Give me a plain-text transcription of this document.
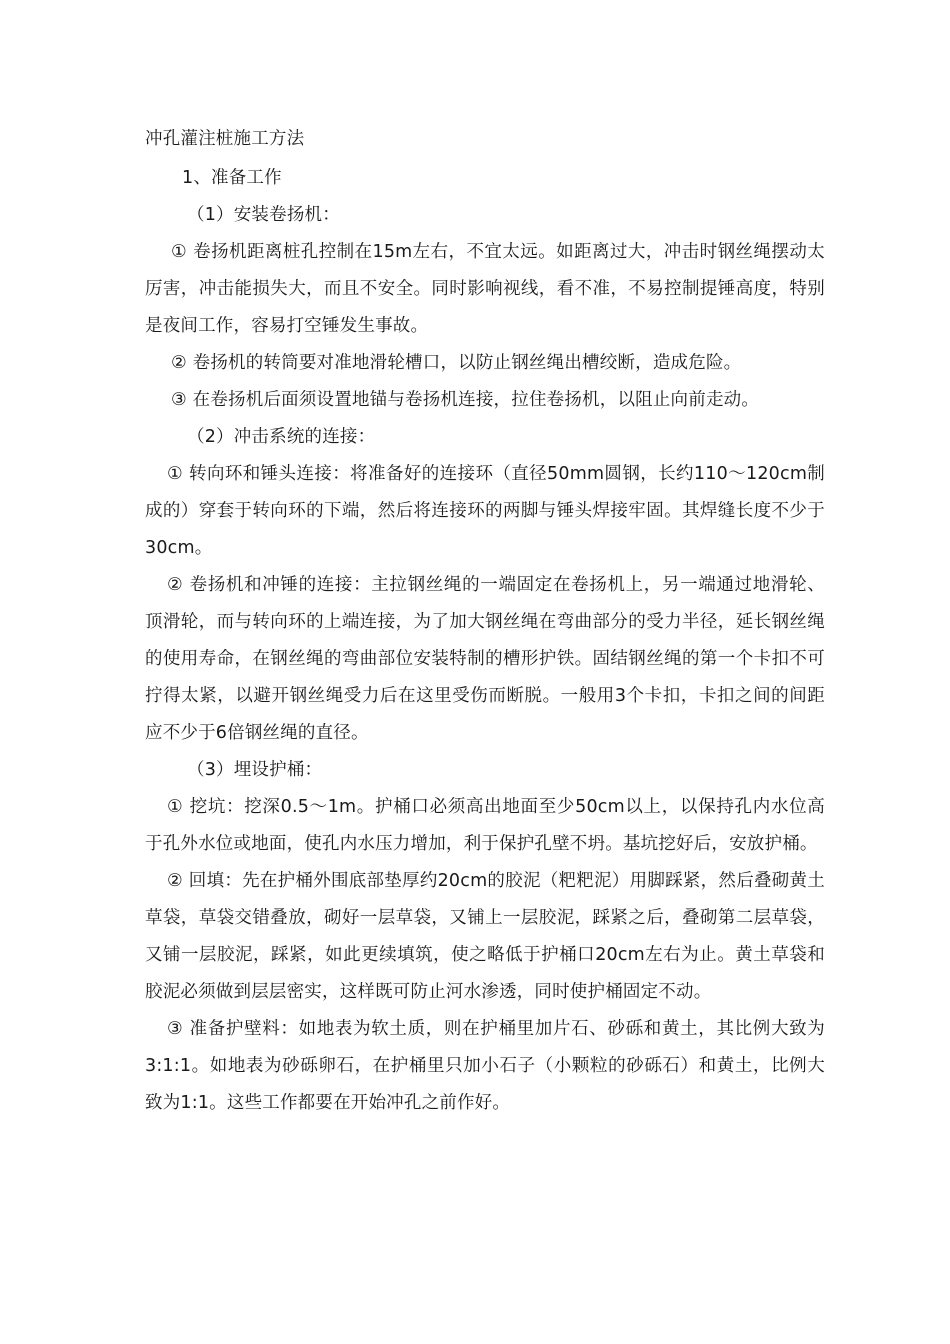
冲孔灌注桩施工方法

1、准备工作

（1）安装卷扬机：

① 卷扬机距离桩孔控制在15m左右，不宜太远。如距离过大，冲击时钢丝绳摆动太厉害，冲击能损失大，而且不安全。同时影响视线，看不准，不易控制提锤高度，特别是夜间工作，容易打空锤发生事故。

② 卷扬机的转筒要对准地滑轮槽口，以防止钢丝绳出槽绞断，造成危险。

③ 在卷扬机后面须设置地锚与卷扬机连接，拉住卷扬机，以阻止向前走动。

（2）冲击系统的连接：

① 转向环和锤头连接：将准备好的连接环（直径50mm圆钢，长约110～120cm制成的）穿套于转向环的下端，然后将连接环的两脚与锤头焊接牢固。其焊缝长度不少于30cm。

② 卷扬机和冲锤的连接：主拉钢丝绳的一端固定在卷扬机上，另一端通过地滑轮、顶滑轮，而与转向环的上端连接，为了加大钢丝绳在弯曲部分的受力半径，延长钢丝绳的使用寿命，在钢丝绳的弯曲部位安装特制的槽形护铁。固结钢丝绳的第一个卡扣不可拧得太紧，以避开钢丝绳受力后在这里受伤而断脱。一般用3个卡扣，卡扣之间的间距应不少于6倍钢丝绳的直径。

（3）埋设护桶：

① 挖坑：挖深0.5～1m。护桶口必须高出地面至少50cm以上，以保持孔内水位高于孔外水位或地面，使孔内水压力增加，利于保护孔壁不坍。基坑挖好后，安放护桶。

② 回填：先在护桶外围底部垫厚约20cm的胶泥（粑粑泥）用脚踩紧，然后叠砌黄土草袋，草袋交错叠放，砌好一层草袋，又铺上一层胶泥，踩紧之后，叠砌第二层草袋，又铺一层胶泥，踩紧，如此更续填筑，使之略低于护桶口20cm左右为止。黄土草袋和胶泥必须做到层层密实，这样既可防止河水渗透，同时使护桶固定不动。

③ 准备护壁料：如地表为软土质，则在护桶里加片石、砂砾和黄土，其比例大致为3:1:1。如地表为砂砾卵石，在护桶里只加小石子（小颗粒的砂砾石）和黄土，比例大致为1:1。这些工作都要在开始冲孔之前作好。
